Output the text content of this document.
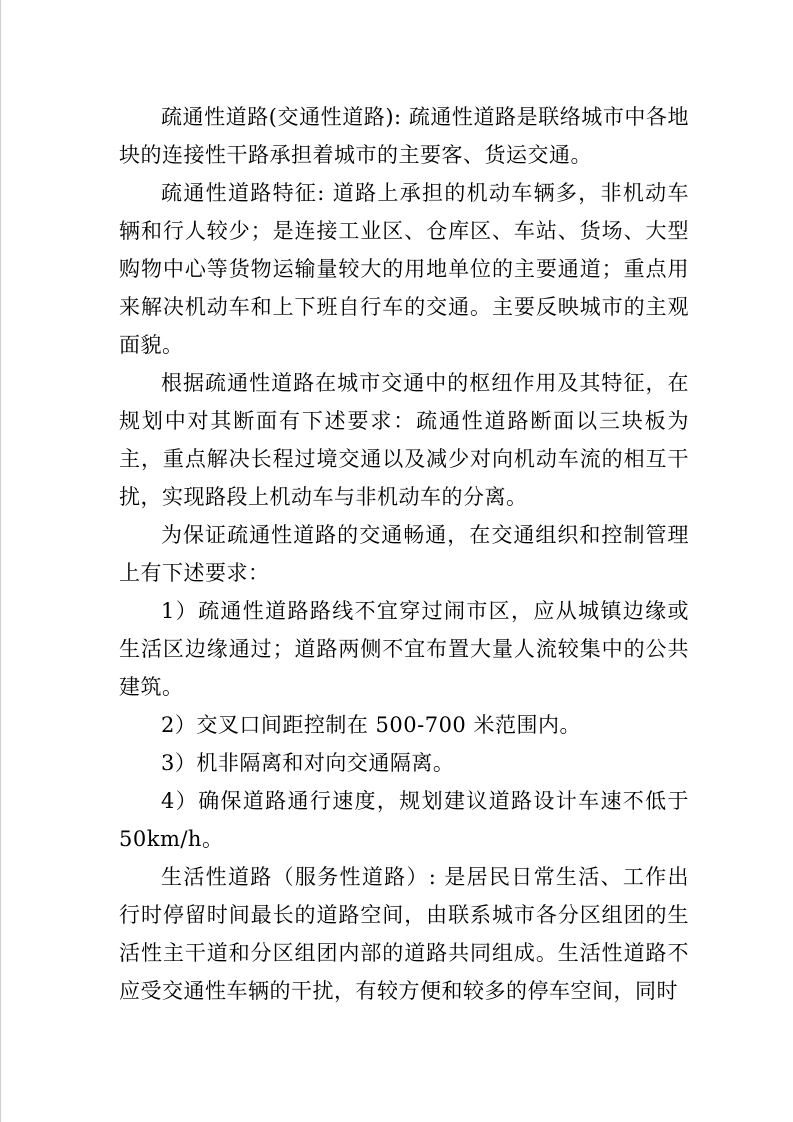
疏通性道路(交通性道路): 疏通性道路是联络城市中各地块的连接性干路承担着城市的主要客、货运交通。

疏通性道路特征: 道路上承担的机动车辆多，非机动车辆和行人较少；是连接工业区、仓库区、车站、货场、大型购物中心等货物运输量较大的用地单位的主要通道；重点用来解决机动车和上下班自行车的交通。主要反映城市的主观面貌。

根据疏通性道路在城市交通中的枢纽作用及其特征，在规划中对其断面有下述要求：疏通性道路断面以三块板为主，重点解决长程过境交通以及减少对向机动车流的相互干扰，实现路段上机动车与非机动车的分离。

为保证疏通性道路的交通畅通，在交通组织和控制管理上有下述要求：

1）疏通性道路路线不宜穿过闹市区，应从城镇边缘或生活区边缘通过；道路两侧不宜布置大量人流较集中的公共建筑。

2）交叉口间距控制在 500-700 米范围内。

3）机非隔离和对向交通隔离。

4）确保道路通行速度，规划建议道路设计车速不低于 50km/h。

生活性道路（服务性道路）: 是居民日常生活、工作出行时停留时间最长的道路空间，由联系城市各分区组团的生活性主干道和分区组团内部的道路共同组成。生活性道路不应受交通性车辆的干扰，有较方便和较多的停车空间，同时
